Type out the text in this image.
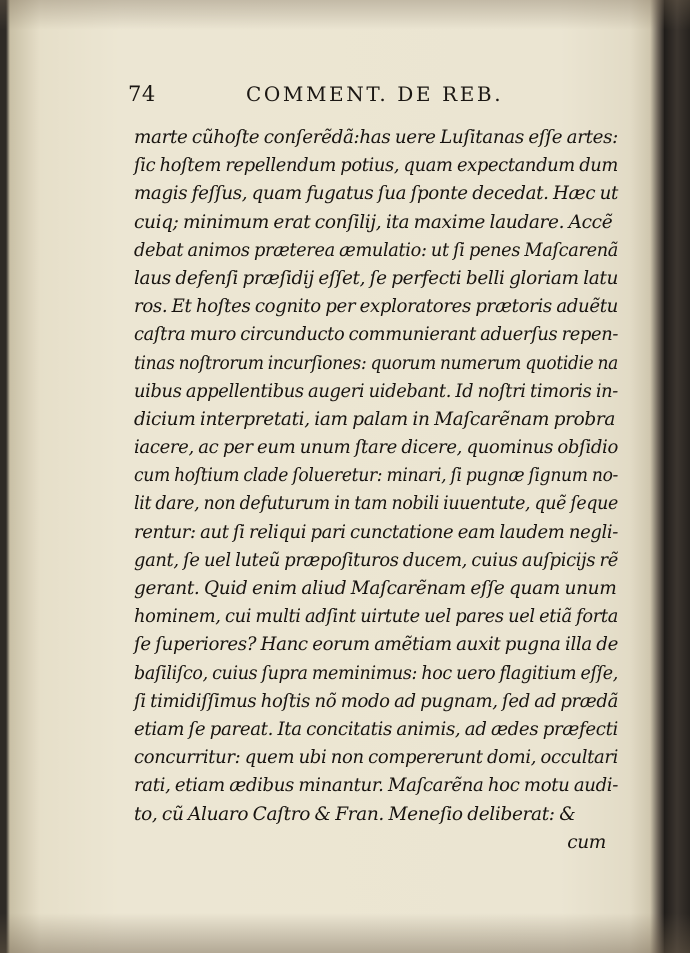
74	COMMENT. DE REB.
marte cũhoſte conſerẽdã:has uere Luſitanas eſſe artes:
ſic hoſtem repellendum potius, quam expectandum dum
magis feſſus, quam fugatus ſua ſponte decedat. Hæc ut
cuiq; minimum erat conſilij, ita maxime laudare. Accẽ
debat animos præterea æmulatio: ut ſi penes Maſcarenã
laus defenſi præſidij eſſet, ſe perfecti belli gloriam latu
ros. Et hoſtes cognito per exploratores prætoris aduẽtu
caſtra muro circunducto communierant aduerſus repen-
tinas noſtrorum incurſiones: quorum numerum quotidie na
uibus appellentibus augeri uidebant. Id noſtri timoris in-
dicium interpretati, iam palam in Maſcarẽnam probra
iacere, ac per eum unum ſtare dicere, quominus obſidio
cum hoſtium clade ſolueretur: minari, ſi pugnæ ſignum no-
lit dare, non defuturum in tam nobili iuuentute, quẽ ſeque
rentur: aut ſi reliqui pari cunctatione eam laudem negli-
gant, ſe uel luteũ præpoſituros ducem, cuius auſpicijs rẽ
gerant. Quid enim aliud Maſcarẽnam eſſe quam unum
hominem, cui multi adſint uirtute uel pares uel etiã forta
ſe ſuperiores? Hanc eorum amẽtiam auxit pugna illa de
baſiliſco, cuius ſupra meminimus: hoc uero flagitium eſſe,
ſi timidiſſimus hoſtis nõ modo ad pugnam, ſed ad prædã
etiam ſe pareat. Ita concitatis animis, ad ædes præfecti
concurritur: quem ubi non compererunt domi, occultari
rati, etiam ædibus minantur. Maſcarẽna hoc motu audi-
to, cũ Aluaro Caſtro & Fran. Meneſio deliberat: &
cum
